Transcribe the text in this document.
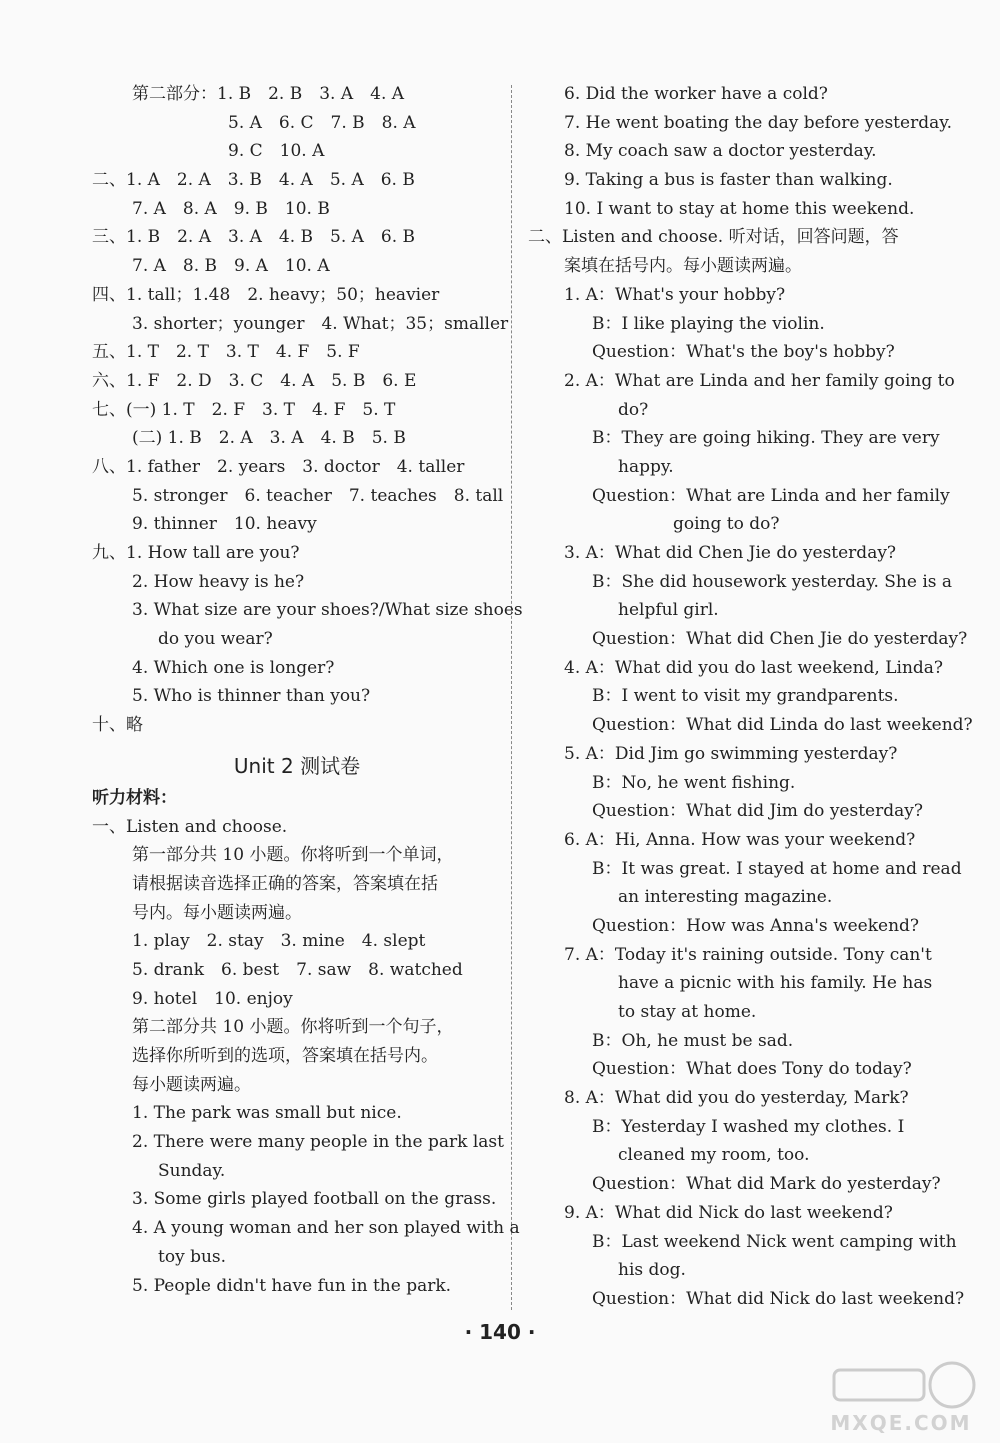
第二部分：1. B　2. B　3. A　4. A
5. A　6. C　7. B　8. A
9. C　10. A
二、1. A　2. A　3. B　4. A　5. A　6. B
7. A　8. A　9. B　10. B
三、1. B　2. A　3. A　4. B　5. A　6. B
7. A　8. B　9. A　10. A
四、1. tall；1.48　2. heavy；50；heavier
3. shorter；younger　4. What；35；smaller
五、1. T　2. T　3. T　4. F　5. F
六、1. F　2. D　3. C　4. A　5. B　6. E
七、(一) 1. T　2. F　3. T　4. F　5. T
(二) 1. B　2. A　3. A　4. B　5. B
八、1. father　2. years　3. doctor　4. taller
5. stronger　6. teacher　7. teaches　8. tall
9. thinner　10. heavy
九、1. How tall are you?
2. How heavy is he?
3. What size are your shoes?/What size shoes
do you wear?
4. Which one is longer?
5. Who is thinner than you?
十、略
Unit 2 测试卷
听力材料：
一、Listen and choose.
第一部分共 10 小题。你将听到一个单词，
请根据读音选择正确的答案，答案填在括
号内。每小题读两遍。
1. play　2. stay　3. mine　4. slept
5. drank　6. best　7. saw　8. watched
9. hotel　10. enjoy
第二部分共 10 小题。你将听到一个句子，
选择你所听到的选项，答案填在括号内。
每小题读两遍。
1. The park was small but nice.
2. There were many people in the park last
Sunday.
3. Some girls played football on the grass.
4. A young woman and her son played with a
toy bus.
5. People didn't have fun in the park.
6. Did the worker have a cold?
7. He went boating the day before yesterday.
8. My coach saw a doctor yesterday.
9. Taking a bus is faster than walking.
10. I want to stay at home this weekend.
二、Listen and choose. 听对话，回答问题，答
案填在括号内。每小题读两遍。
1. A：What's your hobby?
B：I like playing the violin.
Question：What's the boy's hobby?
2. A：What are Linda and her family going to
do?
B：They are going hiking. They are very
happy.
Question：What are Linda and her family
going to do?
3. A：What did Chen Jie do yesterday?
B：She did housework yesterday. She is a
helpful girl.
Question：What did Chen Jie do yesterday?
4. A：What did you do last weekend, Linda?
B：I went to visit my grandparents.
Question：What did Linda do last weekend?
5. A：Did Jim go swimming yesterday?
B：No, he went fishing.
Question：What did Jim do yesterday?
6. A：Hi, Anna. How was your weekend?
B：It was great. I stayed at home and read
an interesting magazine.
Question：How was Anna's weekend?
7. A：Today it's raining outside. Tony can't
have a picnic with his family. He has
to stay at home.
B：Oh, he must be sad.
Question：What does Tony do today?
8. A：What did you do yesterday, Mark?
B：Yesterday I washed my clothes. I
cleaned my room, too.
Question：What did Mark do yesterday?
9. A：What did Nick do last weekend?
B：Last weekend Nick went camping with
his dog.
Question：What did Nick do last weekend?
· 140 ·
MXQE.COM
